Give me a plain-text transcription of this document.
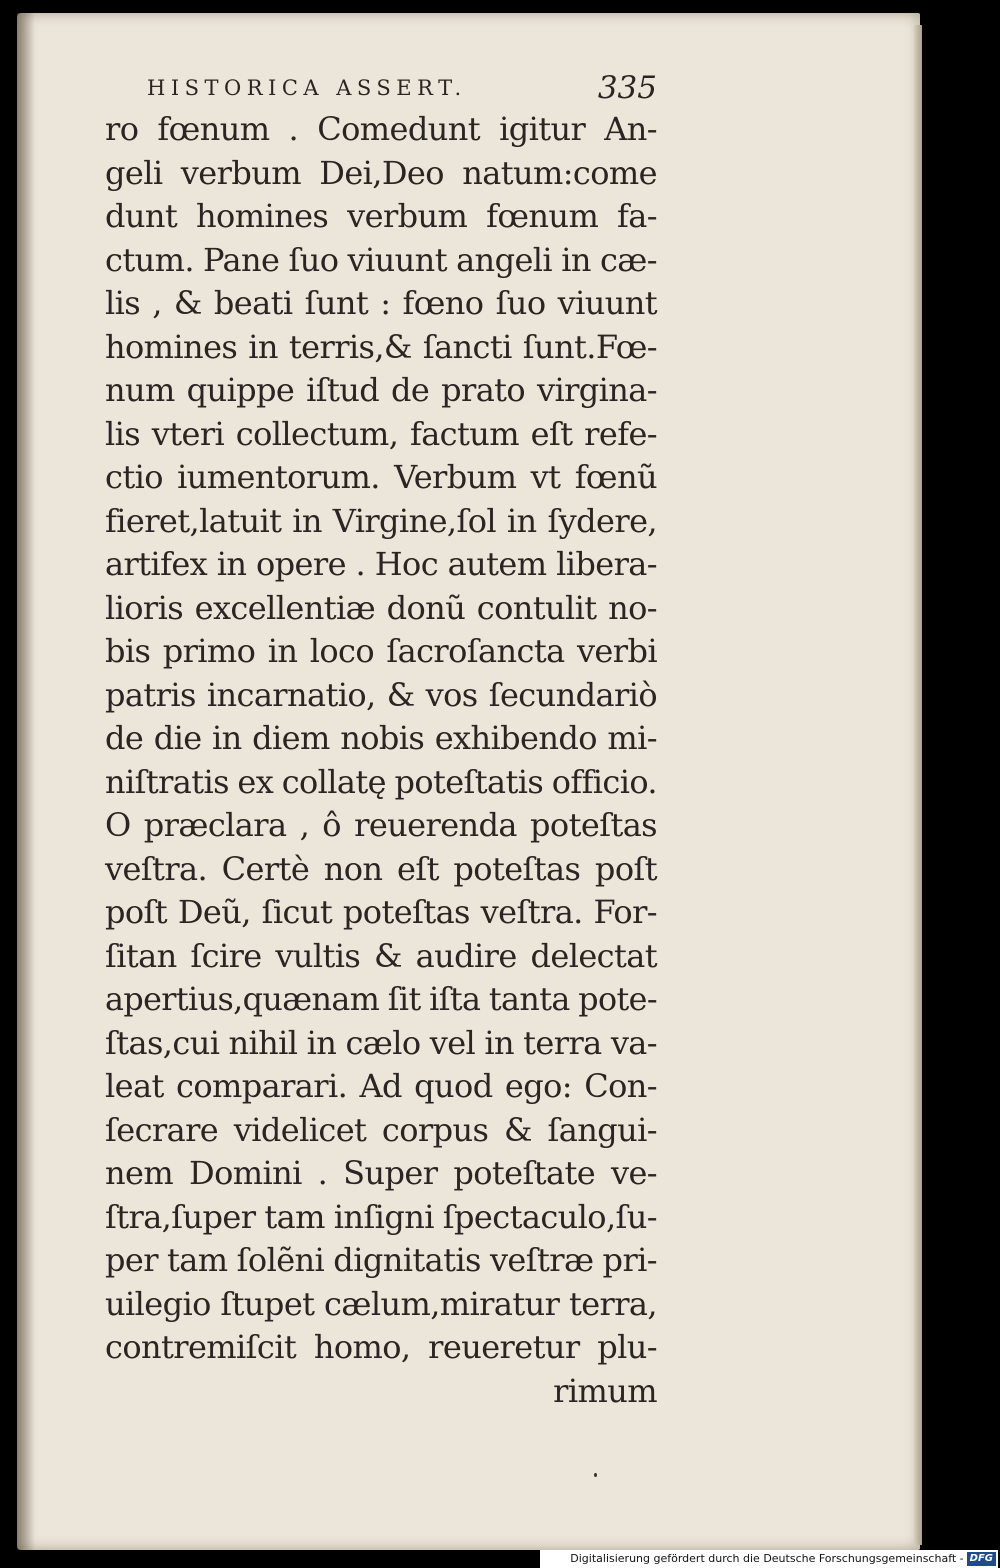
HISTORICA ASSERT.	335
ro fœnum . Comedunt igitur An-
geli verbum Dei,Deo natum:come
dunt homines verbum fœnum fa-
ctum. Pane ſuo viuunt angeli in cæ-
lis , & beati ſunt : fœno ſuo viuunt
homines in terris,& ſancti ſunt.Fœ-
num quippe iſtud de prato virgina-
lis vteri collectum, factum eſt refe-
ctio iumentorum. Verbum vt fœnũ
fieret,latuit in Virgine,ſol in ſydere,
artifex in opere . Hoc autem libera-
lioris excellentiæ donũ contulit no-
bis primo in loco ſacroſancta verbi
patris incarnatio, & vos ſecundariò
de die in diem nobis exhibendo mi-
niſtratis ex collatę poteſtatis officio.
O præclara , ô reuerenda poteſtas
veſtra. Certè non eſt poteſtas poſt
poſt Deũ, ſicut poteſtas veſtra. For-
ſitan ſcire vultis & audire delectat
apertius,quænam ſit iſta tanta pote-
ſtas,cui nihil in cælo vel in terra va-
leat comparari. Ad quod ego: Con-
ſecrare videlicet corpus & ſangui-
nem Domini . Super poteſtate ve-
ſtra,ſuper tam inſigni ſpectaculo,ſu-
per tam ſolẽni dignitatis veſtræ pri-
uilegio ſtupet cælum,miratur terra,
contremiſcit homo, reueretur plu-
rimum
Digitalisierung gefördert durch die Deutsche Forschungsgemeinschaft - DFG
